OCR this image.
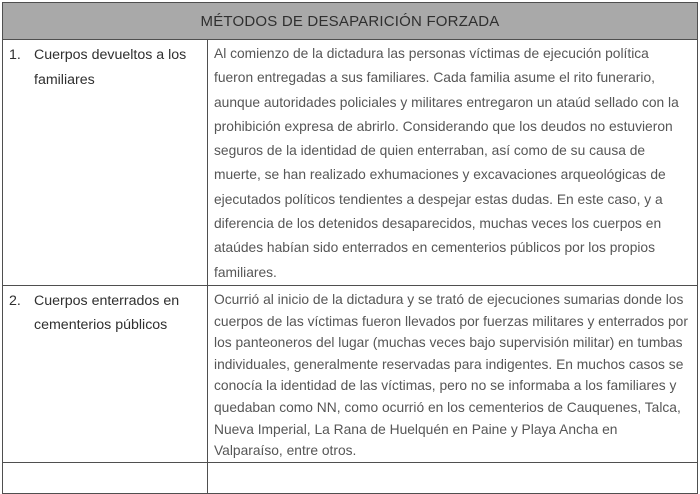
MÉTODOS DE DESAPARICIÓN FORZADA	

1. Cuerpos devueltos a los familiares	Al comienzo de la dictadura las personas víctimas de ejecución política fueron entregadas a sus familiares. Cada familia asume el rito funerario, aunque autoridades policiales y militares entregaron un ataúd sellado con la prohibición expresa de abrirlo. Considerando que los deudos no estuvieron seguros de la identidad de quien enterraban, así como de su causa de muerte, se han realizado exhumaciones y excavaciones arqueológicas de ejecutados políticos tendientes a despejar estas dudas. En este caso, y a diferencia de los detenidos desaparecidos, muchas veces los cuerpos en ataúdes habían sido enterrados en cementerios públicos por los propios familiares.

2. Cuerpos enterrados en cementerios públicos	Ocurrió al inicio de la dictadura y se trató de ejecuciones sumarias donde los cuerpos de las víctimas fueron llevados por fuerzas militares y enterrados por los panteoneros del lugar (muchas veces bajo supervisión militar) en tumbas individuales, generalmente reservadas para indigentes. En muchos casos se conocía la identidad de las víctimas, pero no se informaba a los familiares y quedaban como NN, como ocurrió en los cementerios de Cauquenes, Talca, Nueva Imperial, La Rana de Huelquén en Paine y Playa Ancha en Valparaíso, entre otros.
